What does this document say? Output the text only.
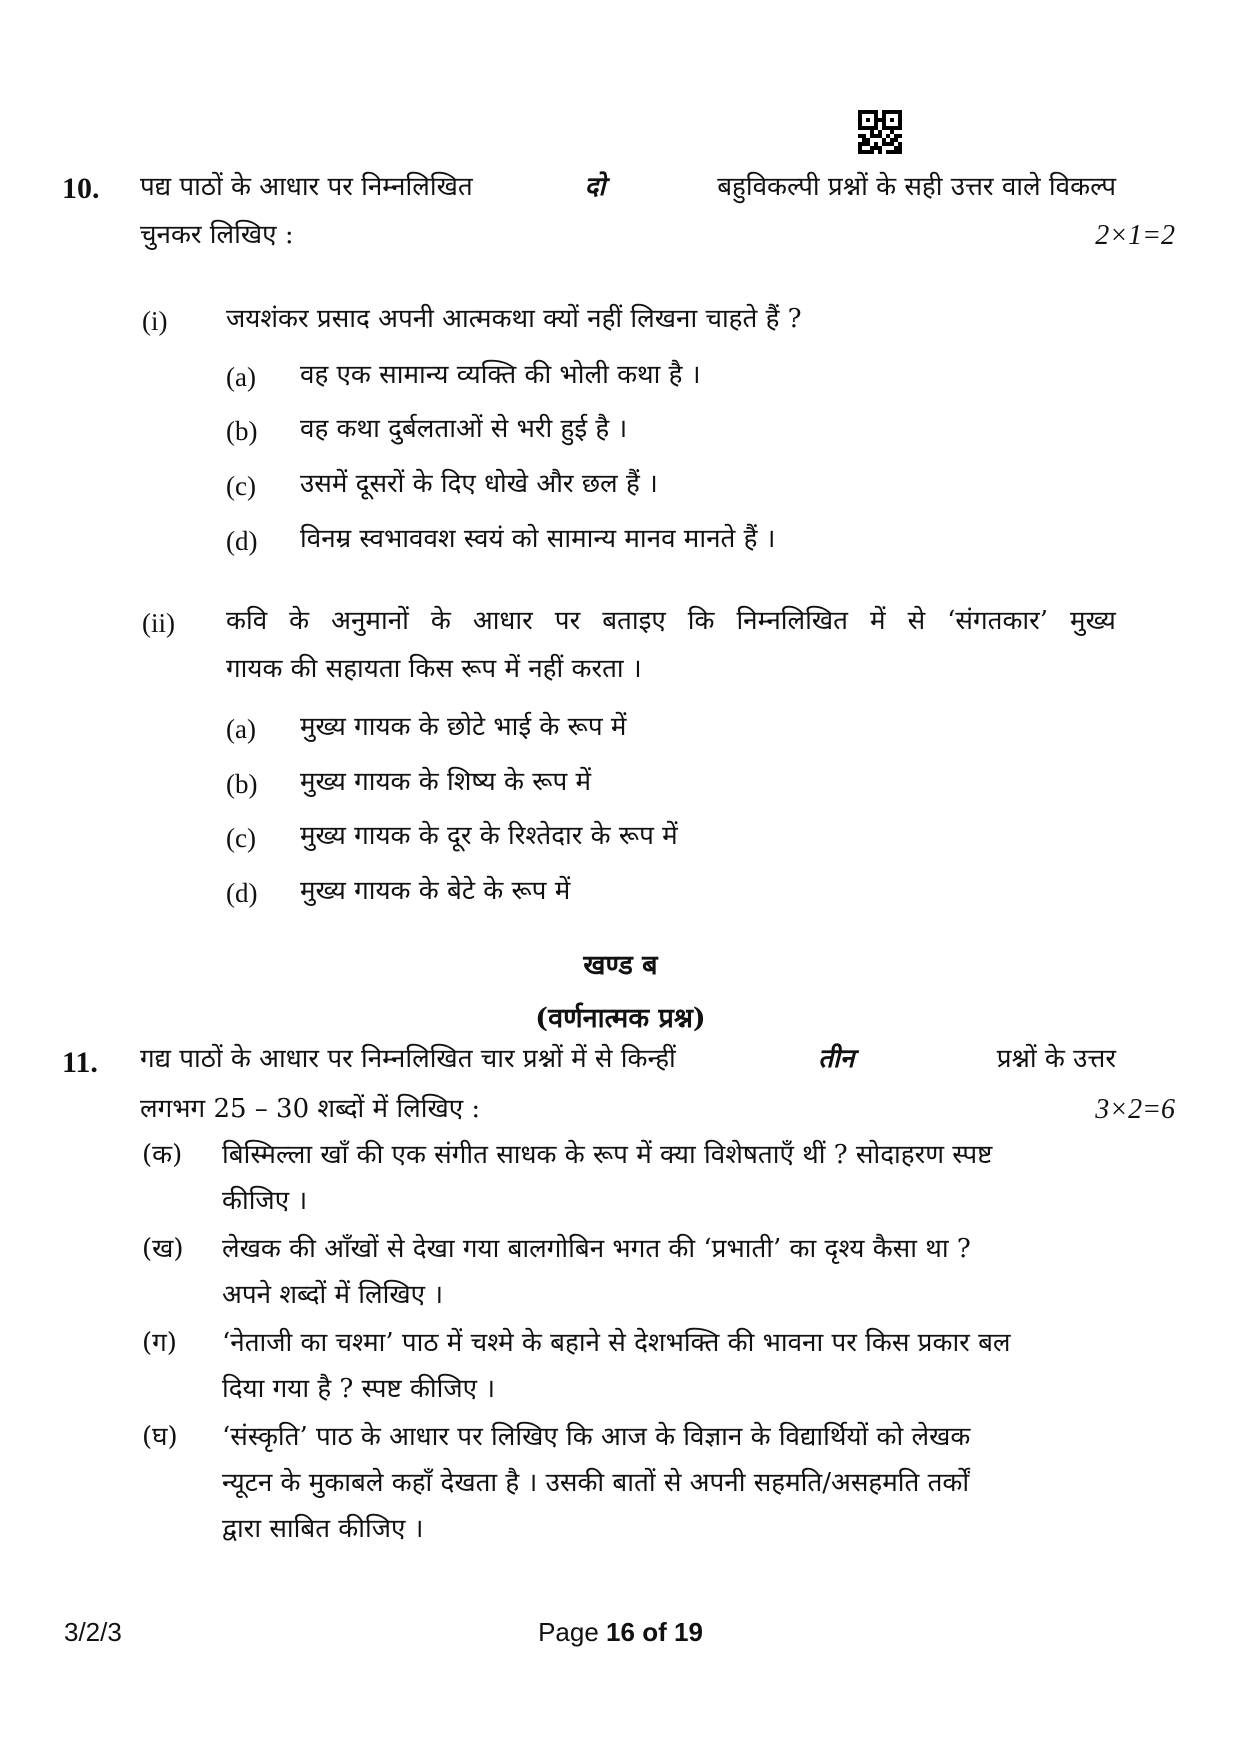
10. पद्य पाठों के आधार पर निम्नलिखित	दो	बहुविकल्पी प्रश्नों के सही उत्तर वाले विकल्प
चुनकर लिखिए :	2×1=2
(i) जयशंकर प्रसाद अपनी आत्मकथा क्यों नहीं लिखना चाहते हैं ?
(a) वह एक सामान्य व्यक्ति की भोली कथा है ।
(b) वह कथा दुर्बलताओं से भरी हुई है ।
(c) उसमें दूसरों के दिए धोखे और छल हैं ।
(d) विनम्र स्वभाववश स्वयं को सामान्य मानव मानते हैं ।
(ii) कवि के अनुमानों के आधार पर बताइए कि निम्नलिखित में से ‘संगतकार’ मुख्य
गायक की सहायता किस रूप में नहीं करता ।
(a) मुख्य गायक के छोटे भाई के रूप में
(b) मुख्य गायक के शिष्य के रूप में
(c) मुख्य गायक के दूर के रिश्तेदार के रूप में
(d) मुख्य गायक के बेटे के रूप में
खण्ड ब
(वर्णनात्मक प्रश्न)
11. गद्य पाठों के आधार पर निम्नलिखित चार प्रश्नों में से किन्हीं	तीन	प्रश्नों के उत्तर
लगभग 25 – 30 शब्दों में लिखिए :	3×2=6
(क) बिस्मिल्ला खाँ की एक संगीत साधक के रूप में क्या विशेषताएँ थीं ? सोदाहरण स्पष्ट
कीजिए ।
(ख) लेखक की आँखों से देखा गया बालगोबिन भगत की ‘प्रभाती’ का दृश्य कैसा था ?
अपने शब्दों में लिखिए ।
(ग) ‘नेताजी का चश्मा’ पाठ में चश्मे के बहाने से देशभक्ति की भावना पर किस प्रकार बल
दिया गया है ? स्पष्ट कीजिए ।
(घ) ‘संस्कृति’ पाठ के आधार पर लिखिए कि आज के विज्ञान के विद्यार्थियों को लेखक
न्यूटन के मुकाबले कहाँ देखता है । उसकी बातों से अपनी सहमति/असहमति तर्कों
द्वारा साबित कीजिए ।
3/2/3	Page 16 of 19
